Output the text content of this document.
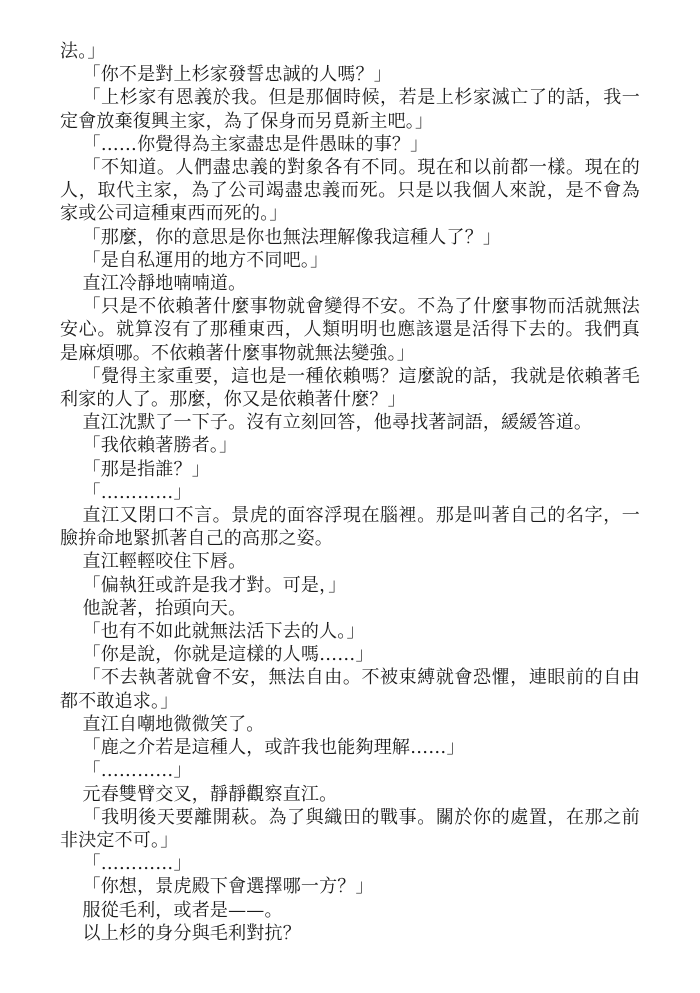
法。」

「你不是對上杉家發誓忠誠的人嗎？」

「上杉家有恩義於我。但是那個時候，若是上杉家滅亡了的話，我一定會放棄復興主家，為了保身而另覓新主吧。」

「……你覺得為主家盡忠是件愚昧的事？」

「不知道。人們盡忠義的對象各有不同。現在和以前都一樣。現在的人，取代主家，為了公司竭盡忠義而死。只是以我個人來說，是不會為家或公司這種東西而死的。」

「那麼，你的意思是你也無法理解像我這種人了？」

「是自私運用的地方不同吧。」

直江冷靜地喃喃道。

「只是不依賴著什麼事物就會變得不安。不為了什麼事物而活就無法安心。就算沒有了那種東西，人類明明也應該還是活得下去的。我們真是麻煩哪。不依賴著什麼事物就無法變強。」

「覺得主家重要，這也是一種依賴嗎？這麼說的話，我就是依賴著毛利家的人了。那麼，你又是依賴著什麼？」

直江沈默了一下子。沒有立刻回答，他尋找著詞語，緩緩答道。

「我依賴著勝者。」

「那是指誰？」

「…………」

直江又閉口不言。景虎的面容浮現在腦裡。那是叫著自己的名字，一臉拚命地緊抓著自己的高那之姿。

直江輕輕咬住下唇。

「偏執狂或許是我才對。可是，」

他說著，抬頭向天。

「也有不如此就無法活下去的人。」

「你是說，你就是這樣的人嗎……」

「不去執著就會不安，無法自由。不被束縛就會恐懼，連眼前的自由都不敢追求。」

直江自嘲地微微笑了。

「鹿之介若是這種人，或許我也能夠理解……」

「…………」

元春雙臂交叉，靜靜觀察直江。

「我明後天要離開萩。為了與織田的戰事。關於你的處置，在那之前非決定不可。」

「…………」

「你想，景虎殿下會選擇哪一方？」

服從毛利，或者是——。

以上杉的身分與毛利對抗？
